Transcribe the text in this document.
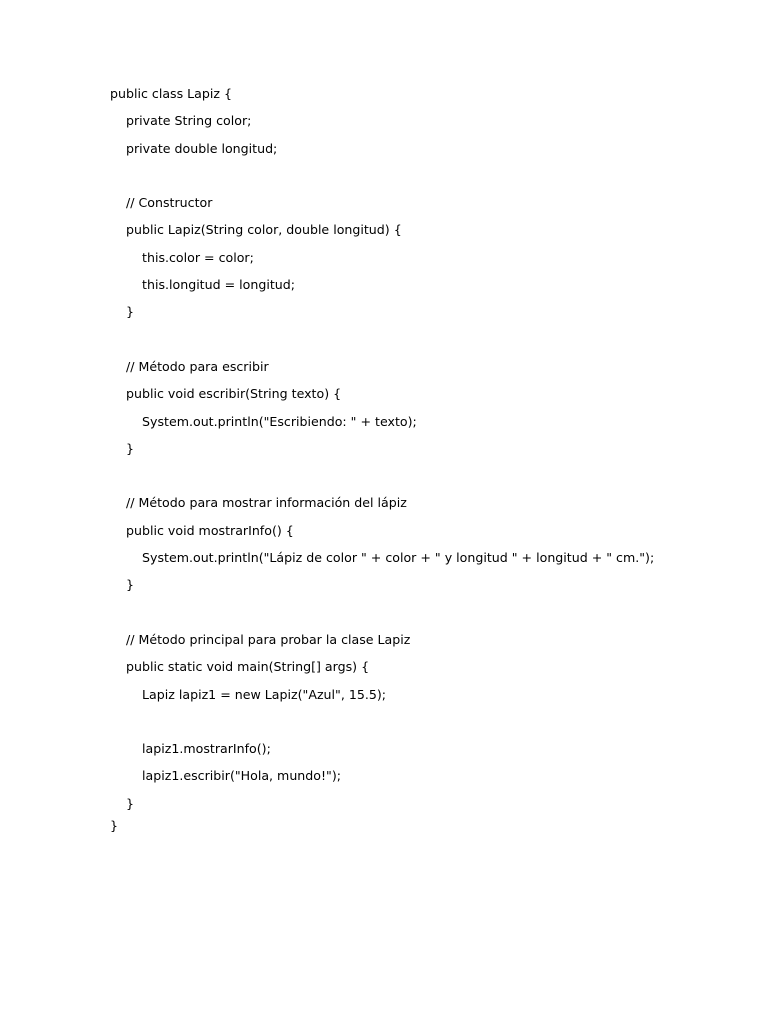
public class Lapiz {
private String color;
private double longitud;
// Constructor
public Lapiz(String color, double longitud) {
this.color = color;
this.longitud = longitud;
}
// Método para escribir
public void escribir(String texto) {
System.out.println("Escribiendo: " + texto);
}
// Método para mostrar información del lápiz
public void mostrarInfo() {
System.out.println("Lápiz de color " + color + " y longitud " + longitud + " cm.");
}
// Método principal para probar la clase Lapiz
public static void main(String[] args) {
Lapiz lapiz1 = new Lapiz("Azul", 15.5);
lapiz1.mostrarInfo();
lapiz1.escribir("Hola, mundo!");
}
}
